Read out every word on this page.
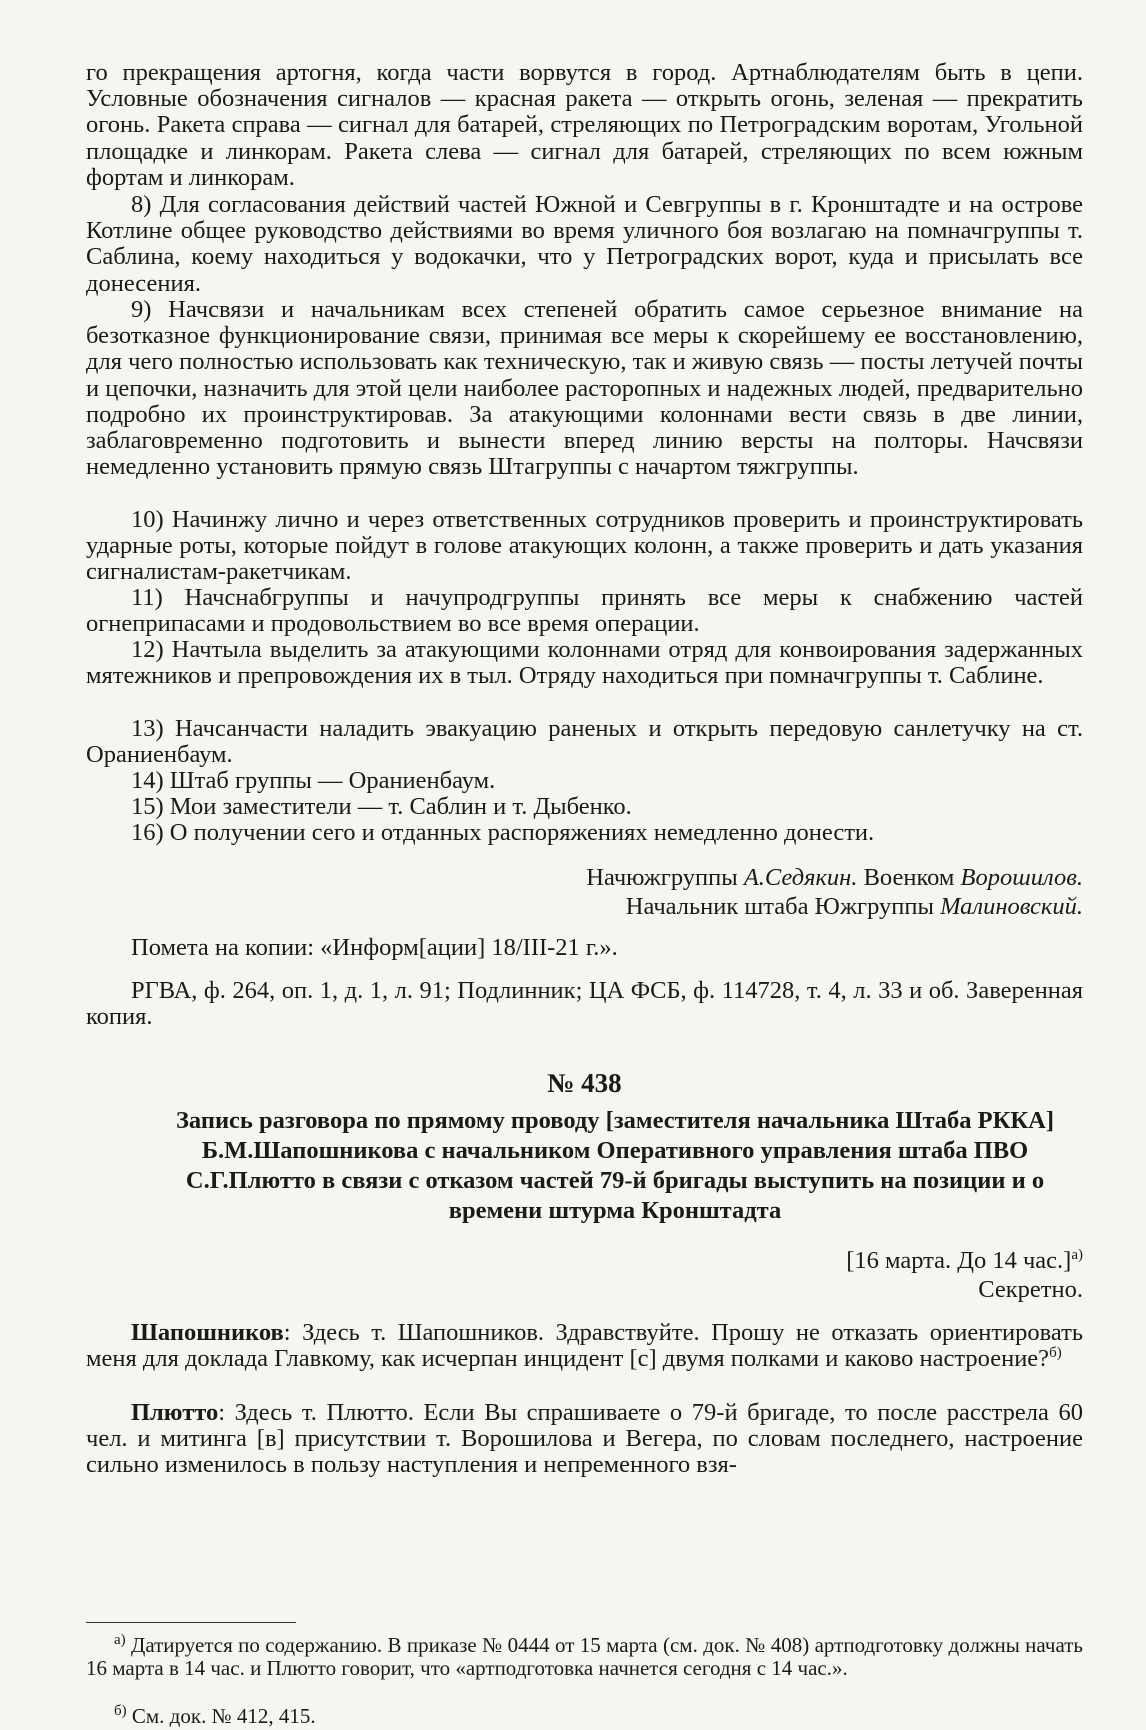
го прекращения артогня, когда части ворвутся в город. Артнаблюдателям быть в цепи. Условные обозначения сигналов — красная ракета — открыть огонь, зеленая — прекратить огонь. Ракета справа — сигнал для батарей, стреляющих по Петроградским воротам, Угольной площадке и линкорам. Ракета слева — сигнал для батарей, стреляющих по всем южным фортам и линкорам.
8) Для согласования действий частей Южной и Севгруппы в г. Кронштадте и на острове Котлине общее руководство действиями во время уличного боя возлагаю на помначгруппы т. Саблина, коему находиться у водокачки, что у Петроградских ворот, куда и присылать все донесения.
9) Начсвязи и начальникам всех степеней обратить самое серьезное внимание на безотказное функционирование связи, принимая все меры к скорейшему ее восстановлению, для чего полностью использовать как техническую, так и живую связь — посты летучей почты и цепочки, назначить для этой цели наиболее расторопных и надежных людей, предварительно подробно их проинструктировав. За атакующими колоннами вести связь в две линии, заблаговременно подготовить и вынести вперед линию версты на полторы. Начсвязи немедленно установить прямую связь Штагруппы с начартом тяжгруппы.
10) Начинжу лично и через ответственных сотрудников проверить и проинструктировать ударные роты, которые пойдут в голове атакующих колонн, а также проверить и дать указания сигналистам-ракетчикам.
11) Начснабгруппы и начупродгруппы принять все меры к снабжению частей огнеприпасами и продовольствием во все время операции.
12) Начтыла выделить за атакующими колоннами отряд для конвоирования задержанных мятежников и препровождения их в тыл. Отряду находиться при помначгруппы т. Саблине.
13) Начсанчасти наладить эвакуацию раненых и открыть передовую санлетучку на ст. Ораниенбаум.
14) Штаб группы — Ораниенбаум.
15) Мои заместители — т. Саблин и т. Дыбенко.
16) О получении сего и отданных распоряжениях немедленно донести.
Начюжгруппы А.Седякин. Военком Ворошилов.
Начальник штаба Южгруппы Малиновский.
Помета на копии: «Информ[ации] 18/III-21 г.».
РГВА, ф. 264, оп. 1, д. 1, л. 91; Подлинник; ЦА ФСБ, ф. 114728, т. 4, л. 33 и об. Заверенная копия.
№ 438
Запись разговора по прямому проводу [заместителя начальника Штаба РККА] Б.М.Шапошникова с начальником Оперативного управления штаба ПВО С.Г.Плютто в связи с отказом частей 79-й бригады выступить на позиции и о времени штурма Кронштадта
[16 марта. До 14 час.]$^{а)}$
Секретно.
Шапошников: Здесь т. Шапошников. Здравствуйте. Прошу не отказать ориентировать меня для доклада Главкому, как исчерпан инцидент [с] двумя полками и каково настроение?$^{б)}$
Плютто: Здесь т. Плютто. Если Вы спрашиваете о 79-й бригаде, то после расстрела 60 чел. и митинга [в] присутствии т. Ворошилова и Вегера, по словам последнего, настроение сильно изменилось в пользу наступления и непременного взя-
$^{а)}$ Датируется по содержанию. В приказе № 0444 от 15 марта (см. док. № 408) артподготовку должны начать 16 марта в 14 час. и Плютто говорит, что «артподготовка начнется сегодня с 14 час.».
$^{б)}$ См. док. № 412, 415.
